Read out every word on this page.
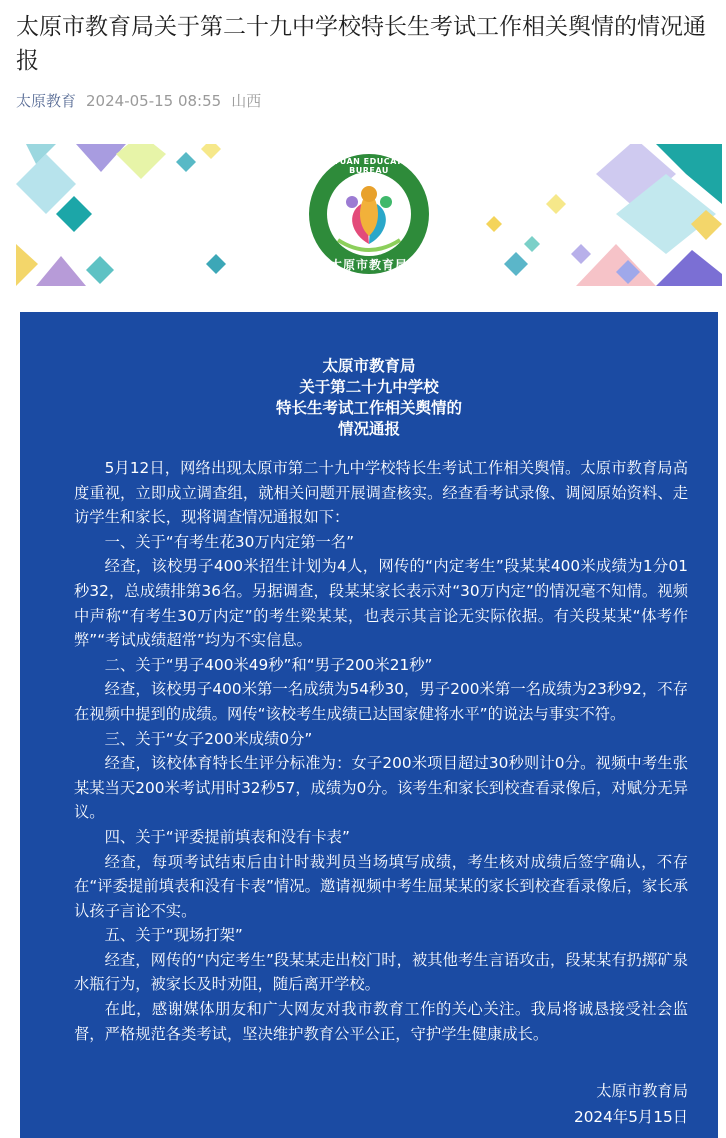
太原市教育局关于第二十九中学校特长生考试工作相关舆情的情况通报
太原教育 2024-05-15 08:55 山西
TAIYUAN EDUCATION BUREAU
太原市教育局
太原市教育局
关于第二十九中学校
特长生考试工作相关舆情的
情况通报

5月12日，网络出现太原市第二十九中学校特长生考试工作相关舆情。太原市教育局高度重视，立即成立调查组，就相关问题开展调查核实。经查看考试录像、调阅原始资料、走访学生和家长，现将调查情况通报如下：

一、关于“有考生花30万内定第一名”

经查，该校男子400米招生计划为4人，网传的“内定考生”段某某400米成绩为1分01秒32，总成绩排第36名。另据调查，段某某家长表示对“30万内定”的情况毫不知情。视频中声称“有考生30万内定”的考生梁某某，也表示其言论无实际依据。有关段某某“体考作弊”“考试成绩超常”均为不实信息。

二、关于“男子400米49秒”和“男子200米21秒”

经查，该校男子400米第一名成绩为54秒30，男子200米第一名成绩为23秒92，不存在视频中提到的成绩。网传“该校考生成绩已达国家健将水平”的说法与事实不符。

三、关于“女子200米成绩0分”

经查，该校体育特长生评分标准为：女子200米项目超过30秒则计0分。视频中考生张某某当天200米考试用时32秒57，成绩为0分。该考生和家长到校查看录像后，对赋分无异议。

四、关于“评委提前填表和没有卡表”

经查，每项考试结束后由计时裁判员当场填写成绩，考生核对成绩后签字确认，不存在“评委提前填表和没有卡表”情况。邀请视频中考生屈某某的家长到校查看录像后，家长承认孩子言论不实。

五、关于“现场打架”

经查，网传的“内定考生”段某某走出校门时，被其他考生言语攻击，段某某有扔掷矿泉水瓶行为，被家长及时劝阻，随后离开学校。

在此，感谢媒体朋友和广大网友对我市教育工作的关心关注。我局将诚恳接受社会监督，严格规范各类考试，坚决维护教育公平公正，守护学生健康成长。

太原市教育局
2024年5月15日
